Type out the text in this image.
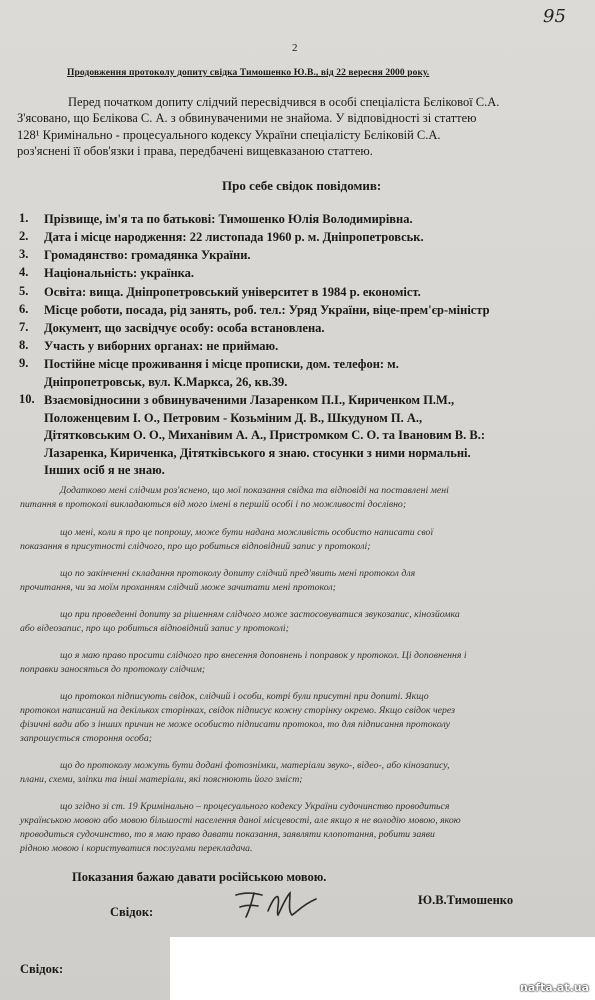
95
2
Продовження протоколу допиту свідка Тимошенко Ю.В., від 22 вересня 2000 року.
Перед початком допиту слідчий пересвідчився в особі спеціаліста Бєлікової С.А.
З'ясовано, що Бєлікова С. А. з обвинуваченими не знайома. У відповідності зі статтею
128¹ Кримінально - процесуального кодексу України спеціалісту Бєліковій С.А.
роз'яснені її обов'язки і права, передбачені вищевказаною статтею.
Про себе свідок повідомив:
1.	Прізвище, ім'я та по батькові: Тимошенко Юлія Володимирівна.
2.	Дата і місце народження: 22 листопада 1960 р. м. Дніпропетровськ.
3.	Громадянство: громадянка України.
4.	Національність: українка.
5.	Освіта: вища. Дніпропетровський університет в 1984 р. економіст.
6.	Місце роботи, посада, рід занять, роб. тел.: Уряд України, віце-прем'єр-міністр
7.	Документ, що засвідчує особу: особа встановлена.
8.	Участь у виборних органах: не приймаю.
9.	Постійне місце проживання і місце прописки, дом. телефон: м.
Дніпропетровськ, вул. К.Маркса, 26, кв.39.
10. Взаємовідносини з обвинуваченими Лазаренком П.І., Кириченком П.М.,
Положенцевим І. О., Петровим - Козьміним Д. В., Шкудуном П. А.,
Дітятковським О. О., Миханівим А. А., Пристромком С. О. та Івановим В. В.:
Лазаренка, Кириченка, Дітятківського я знаю. стосунки з ними нормальні.
Інших осіб я не знаю.
Додатково мені слідчим роз'яснено, що мої показання свідка та відповіді на поставлені мені
питання в протоколі викладаються від мого імені в першій особі і по можливості дослівно;
що мені, коли я про це попрошу, може бути надана можливість особисто написати свої
показання в присутності слідчого, про що робиться відповідний запис у протоколі;
що по закінченні складання протоколу допиту слідчий пред'явить мені протокол для
прочитання, чи за моїм проханням слідчий може зачитати мені протокол;
що при проведенні допиту за рішенням слідчого може застосовуватися звукозапис, кінозйомка
або відеозапис, про що робиться відповідний запис у протоколі;
що я маю право просити слідчого про внесення доповнень і поправок у протокол. Ці доповнення і
поправки заносяться до протоколу слідчим;
що протокол підписують свідок, слідчий і особи, котрі були присутні при допиті. Якщо
протокол написаний на декількох сторінках, свідок підписує кожну сторінку окремо. Якщо свідок через
фізичні вади або з інших причин не може особисто підписати протокол, то для підписання протоколу
запрошується стороння особа;
що до протоколу можуть бути додані фотознімки, матеріали звуко-, відео-, або кінозапису,
плани, схеми, зліпки та інші матеріали, які пояснюють його зміст;
що згідно зі ст. 19 Кримінально – процесуального кодексу України судочинство проводиться
українською мовою або мовою більшості населення даної місцевості, але якщо я не володію мовою, якою
проводиться судочинство, то я маю право давати показання, заявляти клопотання, робити заяви
рідною мовою і користуватися послугами перекладача.
Показания бажаю давати російською мовою.
Свідок:
Ю.В.Тимошенко
Свідок:
nafta.at.ua
